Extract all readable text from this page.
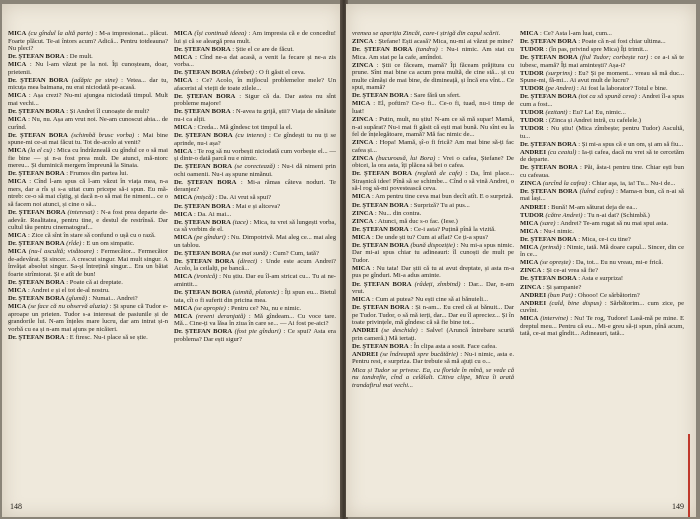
MICA (cu gîndul la altă parte) : M-a impresionat... plăcut. Foarte plăcut. Te-ai întors acum? Adică... Pentru totdeauna? Nu pleci?

Dr. ȘTEFAN BORA : De mult.

MICA : Nu l-am văzut pe la noi. Îți cunoșteam, doar, prietenii.

Dr. ȘTEFAN BORA (adăpic pe sine) : Vetea... dar tu, micuța mea baimana, nu erai niciodată pe-acasă.

MICA : Așa crezi? Nu-mi ajungea niciodată timpul. Mult mai vechi...

Dr. ȘTEFAN BORA : Și Andrei îl cunoaște de mult?

MICA : Nu, nu. Așa am vrut noi. Ne-am cunoscut abia... de curînd.

Dr. ȘTEFAN BORA (schimbă brusc vorba) : Mai bine spune-mi ce-ai mai făcut tu. Tot de-acolo ai venit?

MICA (la el cu) : Mica cu îndrăzneală cu gîndul ce o să mai fie bine — și n-a fost prea mult. De atunci, mă-ntorc mereu... Și duminică mergem împreună la Sinaia.

Dr. ȘTEFAN BORA : Frumos din partea lui.

MICA : Cînd l-am spus că l-am văzut în viața mea, n-a mers, dar a rîs și s-a uitat cum pricepe să-i spun. Eu mă-ntreb: ce-o să mai cîștig, și dacă n-o să mai fie nimeni... ce o să facem noi atunci, și cine o să...

Dr. ȘTEFAN BORA (interesat) : N-a fost prea departe de-adevăr. Realitatea, pentru tine, e destul de restrînsă. Dar cultul tău pentru cinematograf...

MICA : Zice că sînt în stare să confund o ușă cu o rază.

Dr. ȘTEFAN BORA (rîde) : E un om simpatic.

MICA (nu-l ascultă; visătoare) : Fermecător... Fermecător de-adevărat. Și sincer... A crescut singur. Mai mult singur. A învățat absolut singur. Sa-și întrețină singur... Era un băiat foarte strîmtorat. Și e atît de bun!

Dr. ȘTEFAN BORA : Poate că ai dreptate.

MICA : Andrei e și el tot de-al nostru.

Dr. ȘTEFAN BORA (glumă) : Numai... Andrei?

MICA (se face că nu observă aluzia) : Și spune că Tudor e-aproape un prieten. Tudor s-a interesat de pasiunile și de grandorile lui. N-am înțeles mare lucru, dar am intrat și-n vorbă cu ea și n-am mai ajuns pe nicăieri.

Dr. ȘTEFAN BORA : E firesc. Nu-i place să se știe.

MICA (își continuă ideea) : Am impresia că e de concediu! lui și că se aleargă prea mult.

Dr. ȘTEFAN BORA : Știe el ce are de făcut.

MICA : Cînd ne-a dat acasă, a venit la fecare și ne-a zis vorba...

Dr. ȘTEFAN BORA (zîmbet) : O fi găsit el ceva.

MICA : Ce? Acolo, în mijlocul problemelor mele? Un afacerist al vieții de toate zilele...

Dr. ȘTEFAN BORA : Sigur că da. Dar astea nu sînt probleme majore!

Dr. ȘTEFAN BORA : N-avea tu grijă, știi? Viața de sănătate nu-i ca alții.

MICA : Creda... Mă gîndesc tot timpul la el.

Dr. ȘTEFAN BORA (cu interes) : Ce gîndești tu nu ți se aprinde, nu-i așa?

MICA : Te rog să nu vorbești niciodată cum vorbește el... — și dintr-o dată parcă nu e nimic.

Dr. ȘTEFAN BORA (se corectează) : Nu-i dă nimeni prin ochi oamenii. Nu-i aș spune nimănui.

Dr. ȘTEFAN BORA : Mi-a rămas câteva noduri. Te deranjez?

MICA (mișcă) : Da. Ai vrut să spui?

Dr. ȘTEFAN BORA : Mai e și altceva?

MICA : Da. Ai mai...

Dr. ȘTEFAN BORA (tace) : Mica, tu vrei să lungești vorba, ca să vorbim de el.

MICA (pe gînduri) : Nu. Dimpotrivă. Mai aleg ce... mai aleg un tablou.

Dr. ȘTEFAN BORA (se mai sună) : Cum? Cum, tată?

Dr. ȘTEFAN BORA (direct) : Unde este acum Andrei? Acolo, la ceilalți, pe bancă...

MICA (ironică) : Nu știu. Dar eu îl-am stricat cu... Tu ai ne-amintit...

Dr. ȘTEFAN BORA (uimită, platonic) : Îți spun eu... Bietul tata, cît o fi suferit din pricina mea.

MICA (se apropie) : Pentru ce? Nu, nu e nimic.

MICA (reveni deranjată) : Mă gîndeam... Cu voce tare. Mă... Cine-ți va lăsa în ziua în care se... — Ai fost pe-aici?

Dr. ȘTEFAN BORA (fost pie gînduri) : Ce spui? Asta era problema? Dar ești sigur?

148

vremea se apariția Zincăi, care-i ștrigă din capul scării.

ZINCA : Ștefane! Ești acasă? Mica, nu-mi ai văzut pe mine?

Dr. ȘTEFAN BORA (tandru) : Nu-i nimic. Am stat cu Mica. Am stat pe la cafe, amîndoi.

ZINCA : Știi ce făceam, mamă? Îți făceam prăjitura cu prune. Sînt mai bine ca acum prea multă, de cine stă... și cu multe cămăși de mai bine, de dimineață, și încă era vînt... Ce spui, mamă?

Dr. ȘTEFAN BORA : Sare fără un sfert.

MICA : El, poftim? Ce-o fi... Ce-o fi, tuad, nu-i timp de luat!

ZINCA : Putin, mult, nu știu! N-am ce să mă supar! Mamă, n-ai supărat? Nu-i mai fi găsit că ești mai bună. Nu sînt eu la fel de înțelegătoare, mamă? Mă fac nimic de...

ZINCA : Hopa! Mamă, șî-o fi frică? Am mai bine să-ți fac cafea și...

ZINCA (bucuroasă, lui Bora) : Vrei o cafea, Ștefane? De obicei, la ora asta, îți plăcea să bei o cafea.

Dr. ȘTEFAN BORA (reglată de cafe) : Da, îmi place... Strașnică idee! Pînă să se schimbe... Cînd o să vină Andrei, o să-l rog să-mi povestească ceva.

MICA : Am pentru tine ceva mai bun decît atît. E o surpriză.

Dr. ȘTEFAN BORA : Surpriză? Tu ai pus...

ZINCA : Nu... din contra.

ZINCA : Atunci, mă duc s-o fac. (Iese.)

Dr. ȘTEFAN BORA : Ce-i asta? Puțină pînă la vizită.

MICA : De unde ști tu? Cum ai aflat? Ce ți-a spus?

Dr. ȘTEFAN BORA (bună dispoziție) : Nu mi-a spus nimic. Dar mi-ai spus chiar tu adineauri: îl cunoști de mult pe Tudor.

MICA : Nu tata! Dar știi că tu ai avut dreptate, și asta m-a pus pe gînduri. Mi-a adus aminte.

Dr. ȘTEFAN BORA (râdeți, zîmbind) : Dar... Dar, n-am vrut.

MICA : Cum ai putea? Nu ești cine să ai bănuieli...

Dr. ȘTEFAN BORA : Și n-am... Eu cred că ai bănuit... Dar pe Tudor. Tudor, o să mă ierți, dar... Dar eu îl apreciez... Și în toate privințele, mă gîndesc că să fie bine tot...

ANDREI (se deschide) : Salve! (Aruncă întrebare scurtă prin cameră.) Mă iertați.

Dr. ȘTEFAN BORA : În clipa asta a sosit. Face cafea.

ANDREI (se îndreaptă spre bucătărie) : Nu-i nimic, asta e. Pentru rest, e surpriza. Dar trebuie să mă ajuți cu o...

Mica și Tudor se privesc. Ea, cu floride în mînă, se vede că nu tandrefie, cînd a celălalt. Citiva clipe, Mica îi arată trandafirul mai vechi...

MICA : Ce? Asta l-am luat, cum...

Dr. ȘTEFAN BORA : Poate că n-ai fost chiar ultima...

TUDOR : (în pas, privind spre Mica) Îți trimit...

Dr. ȘTEFAN BORA (fiul Tudor; corbește rar) : ce a-i să te iubesc, mamă? Îți mai amintești? Așa-i?

TUDOR (surprins) : Eu? Și pe moment... vreau să mă duc... Spune-mi, fă-mi... Ai avut mult de lucru?

TUDOR (pe Andrei) : Ai fost la laborator? Totul e bine.

Dr. ȘTEFAN BORA (tot ca să spună ceva) : Andrei îl-a spus cum a fost...

TUDOR (ezitant) : Eu? La! Eu, nimic...

TUDOR : (Zinca și Andrei intră, cu cafelele.)

TUDOR : Nu știu! (Mica zîmbește; pentru Tudor) Ascultă, tu...

Dr. ȘTEFAN BORA : Și mi-a spus că e un om, și am să fiu...

ANDREI (cu ceaiul) : Ia-ți cafea, dacă nu vrei să te cercetăm de departe.

Dr. ȘTEFAN BORA : Păi, ăsta-i pentru tine. Chiar ești bun cu cafeaua.

ZINCA (urcînd la cafea) : Chiar aşa, ia, ia! Tu... Nu-i de...

Dr. ȘTEFAN BORA (luînd cafea) : Mama-n bun, că n-ai să mai lași...

ANDREI : Bună! M-am săturat deja de ea...

TUDOR (către Andrei) : Tu n-ai dat? (Schimbă.)

MICA (sare) : Andrei? Te-am rugat să nu mai spui asta.

MICA : Nu-i nimic.

Dr. ȘTEFAN BORA : Mica, ce-i cu tine?

MICA (prinsă) : Nimic, tată. Mă doare capul... Sincer, din ce în ce...

MICA (se oprește) : Da, tot... Eu nu vreau, mi-e frică.

ZINCA : Și ce-ai vrea să fie?

Dr. ȘTEFAN BORA : Asta e surpriza!

ZINCA : Și șampanie?

ANDREI (bun Pat) : Ohooo! Ce sărbătorim?

ANDREI (cald, bine dispus) : Sărbătorim... cum zice, pe cuvînt.

MICA (intervine) : Nu! Te rog, Tudore! Lasă-mă pe mine. E dreptul meu... Pentru că eu... Mi-e greu să-ți spun, pînă acum, tată, ce-ai mai gîndit... Adineauri, tată...

149
